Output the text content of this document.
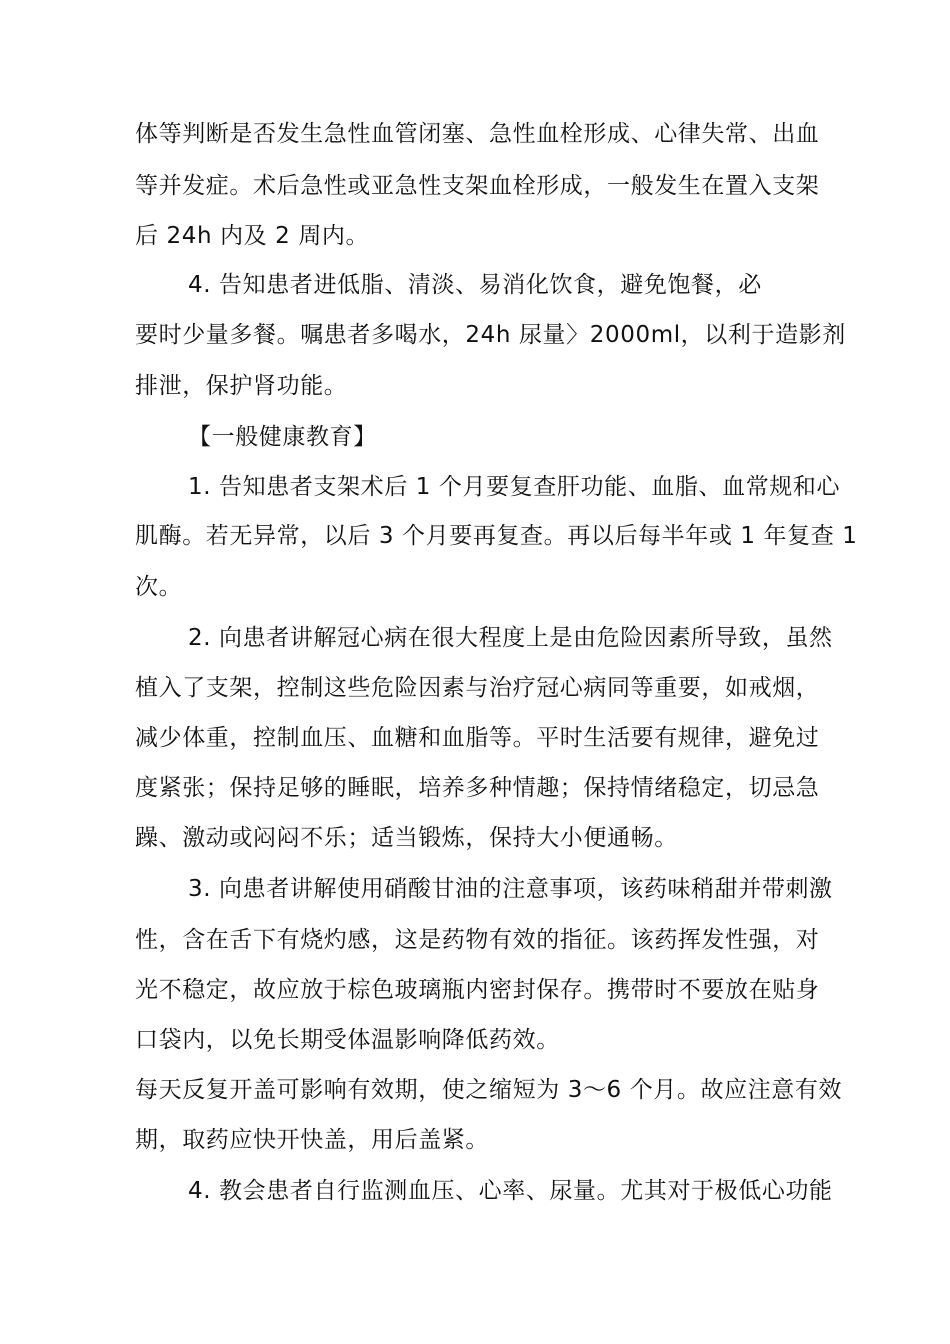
体等判断是否发生急性血管闭塞、急性血栓形成、心律失常、出血
等并发症。术后急性或亚急性支架血栓形成，一般发生在置入支架
后 24h 内及 2 周内。
4. 告知患者进低脂、清淡、易消化饮食，避免饱餐，必
要时少量多餐。嘱患者多喝水，24h 尿量〉2000ml，以利于造影剂
排泄，保护肾功能。
【一般健康教育】
1. 告知患者支架术后 1 个月要复查肝功能、血脂、血常规和心
肌酶。若无异常，以后 3 个月要再复查。再以后每半年或 1 年复查 1
次。
2. 向患者讲解冠心病在很大程度上是由危险因素所导致，虽然
植入了支架，控制这些危险因素与治疗冠心病同等重要，如戒烟，
减少体重，控制血压、血糖和血脂等。平时生活要有规律，避免过
度紧张；保持足够的睡眠，培养多种情趣；保持情绪稳定，切忌急
躁、激动或闷闷不乐；适当锻炼，保持大小便通畅。
3. 向患者讲解使用硝酸甘油的注意事项，该药味稍甜并带刺激
性，含在舌下有烧灼感，这是药物有效的指征。该药挥发性强，对
光不稳定，故应放于棕色玻璃瓶内密封保存。携带时不要放在贴身
口袋内，以免长期受体温影响降低药效。
每天反复开盖可影响有效期，使之缩短为 3～6 个月。故应注意有效
期，取药应快开快盖，用后盖紧。
4. 教会患者自行监测血压、心率、尿量。尤其对于极低心功能
